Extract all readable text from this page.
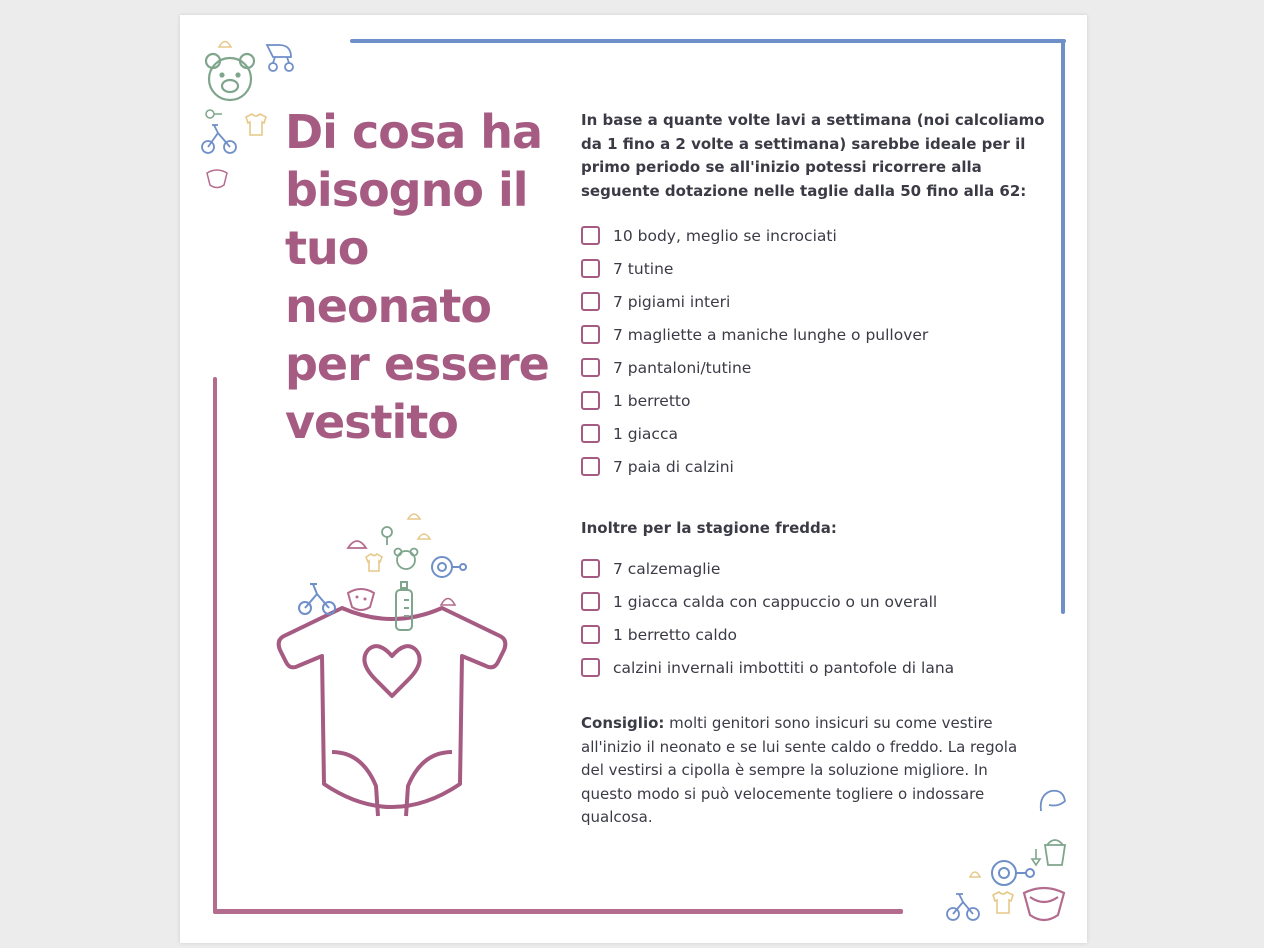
Di cosa ha bisogno il tuo neonato per essere vestito

In base a quante volte lavi a settimana (noi calcoliamo da 1 fino a 2 volte a settimana) sarebbe ideale per il primo periodo se all'inizio potessi ricorrere alla seguente dotazione nelle taglie dalla 50 fino alla 62:

10 body, meglio se incrociati
7 tutine
7 pigiami interi
7 magliette a maniche lunghe o pullover
7 pantaloni/tutine
1 berretto
1 giacca
7 paia di calzini
Inoltre per la stagione fredda:
7 calzemaglie
1 giacca calda con cappuccio o un overall
1 berretto caldo
calzini invernali imbottiti o pantofole di lana

Consiglio: molti genitori sono insicuri su come vestire all'inizio il neonato e se lui sente caldo o freddo. La regola del vestirsi a cipolla è sempre la soluzione migliore. In questo modo si può velocemente togliere o indossare qualcosa.
